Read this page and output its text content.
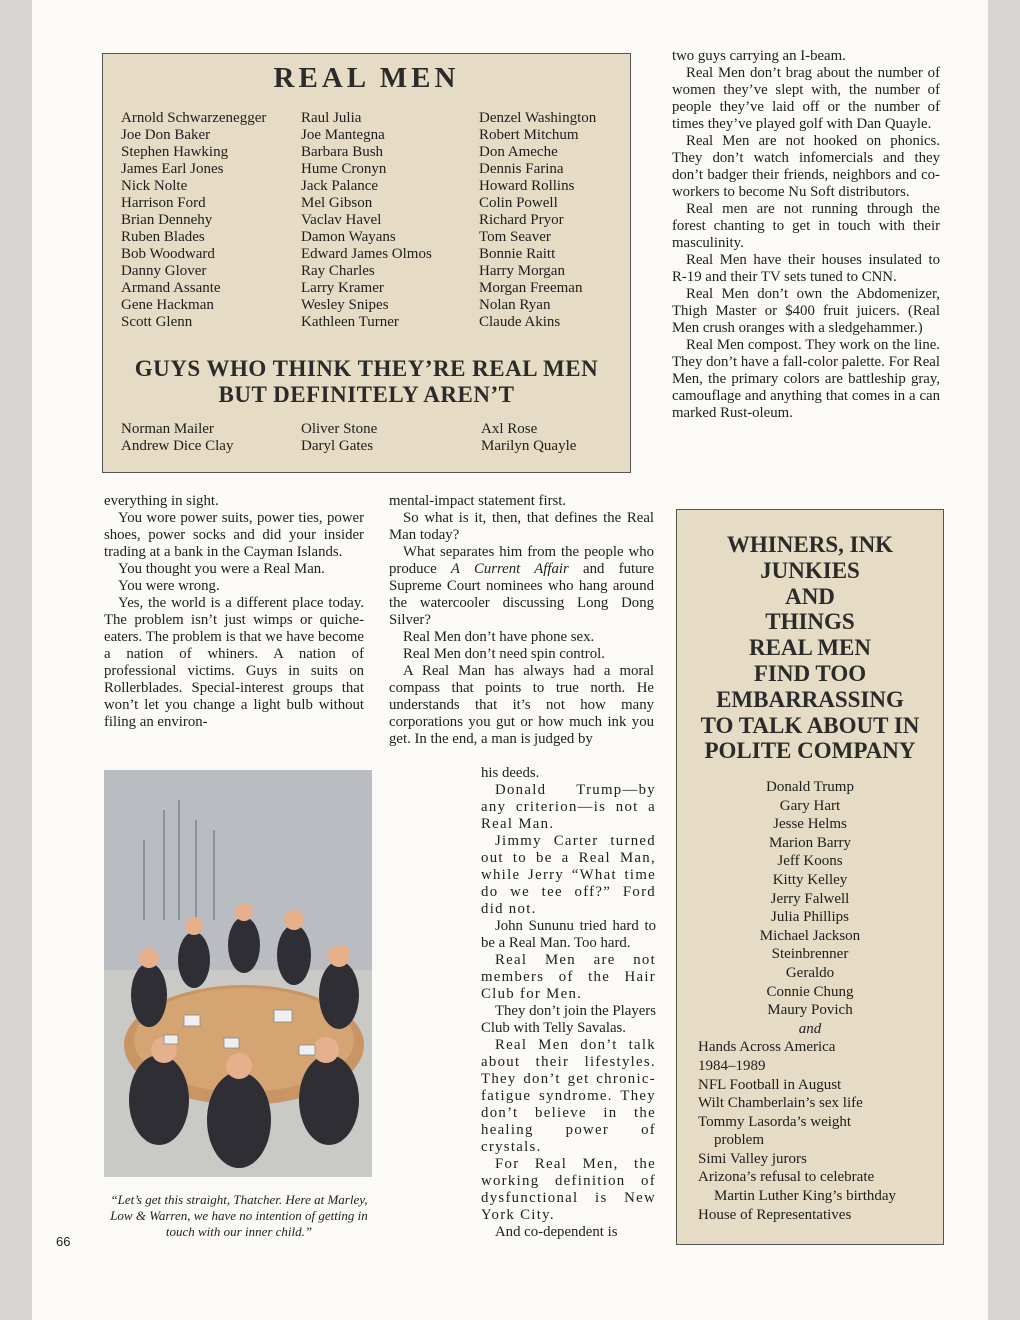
REAL MEN
Arnold Schwarzenegger
Joe Don Baker
Stephen Hawking
James Earl Jones
Nick Nolte
Harrison Ford
Brian Dennehy
Ruben Blades
Bob Woodward
Danny Glover
Armand Assante
Gene Hackman
Scott Glenn
Raul Julia
Joe Mantegna
Barbara Bush
Hume Cronyn
Jack Palance
Mel Gibson
Vaclav Havel
Damon Wayans
Edward James Olmos
Ray Charles
Larry Kramer
Wesley Snipes
Kathleen Turner
Denzel Washington
Robert Mitchum
Don Ameche
Dennis Farina
Howard Rollins
Colin Powell
Richard Pryor
Tom Seaver
Bonnie Raitt
Harry Morgan
Morgan Freeman
Nolan Ryan
Claude Akins
GUYS WHO THINK THEY’RE REAL MEN
BUT DEFINITELY AREN’T
Norman Mailer
Andrew Dice Clay
Oliver Stone
Daryl Gates
Axl Rose
Marilyn Quayle

two guys carrying an I-beam.

Real Men don’t brag about the number of women they’ve slept with, the number of people they’ve laid off or the number of times they’ve played golf with Dan Quayle.

Real Men are not hooked on phonics. They don’t watch infomercials and they don’t badger their friends, neighbors and co-workers to become Nu Soft distributors.

Real men are not running through the forest chanting to get in touch with their masculinity.

Real Men have their houses insulated to R-19 and their TV sets tuned to CNN.

Real Men don’t own the Abdomenizer, Thigh Master or $400 fruit juicers. (Real Men crush oranges with a sledgehammer.)

Real Men compost. They work on the line. They don’t have a fall-color palette. For Real Men, the primary colors are battleship gray, camouflage and anything that comes in a can marked Rust-oleum.

everything in sight.

You wore power suits, power ties, power shoes, power socks and did your insider trading at a bank in the Cayman Islands.

You thought you were a Real Man.

You were wrong.

Yes, the world is a different place today. The problem isn’t just wimps or quiche-eaters. The problem is that we have become a nation of whiners. A nation of professional victims. Guys in suits on Rollerblades. Special-interest groups that won’t let you change a light bulb without filing an environ-

mental-impact statement first.

So what is it, then, that defines the Real Man today?

What separates him from the people who produce A Current Affair and future Supreme Court nominees who hang around the watercooler discussing Long Dong Silver?

Real Men don’t have phone sex.

Real Men don’t need spin control.

A Real Man has always had a moral compass that points to true north. He understands that it’s not how many corporations you gut or how much ink you get. In the end, a man is judged by

his deeds.

Donald Trump—by any criterion—is not a Real Man.

Jimmy Carter turned out to be a Real Man, while Jerry “What time do we tee off?” Ford did not.

John Sununu tried hard to be a Real Man. Too hard.

Real Men are not members of the Hair Club for Men.

They don’t join the Players Club with Telly Savalas.

Real Men don’t talk about their lifestyles. They don’t get chronic-fatigue syndrome. They don’t believe in the healing power of crystals.

For Real Men, the working definition of dysfunctional is New York City.

And co-dependent is

“Let’s get this straight, Thatcher. Here at Marley, Low & Warren, we have no intention of getting in touch with our inner child.”
WHINERS, INK
JUNKIES
AND
THINGS
REAL MEN
FIND TOO
EMBARRASSING
TO TALK ABOUT IN
POLITE COMPANY
Donald Trump
Gary Hart
Jesse Helms
Marion Barry
Jeff Koons
Kitty Kelley
Jerry Falwell
Julia Phillips
Michael Jackson
Steinbrenner
Geraldo
Connie Chung
Maury Povich
and
Hands Across America
1984–1989
NFL Football in August
Wilt Chamberlain’s sex life
Tommy Lasorda’s weight
problem
Simi Valley jurors
Arizona’s refusal to celebrate
Martin Luther King’s birthday
House of Representatives
66
